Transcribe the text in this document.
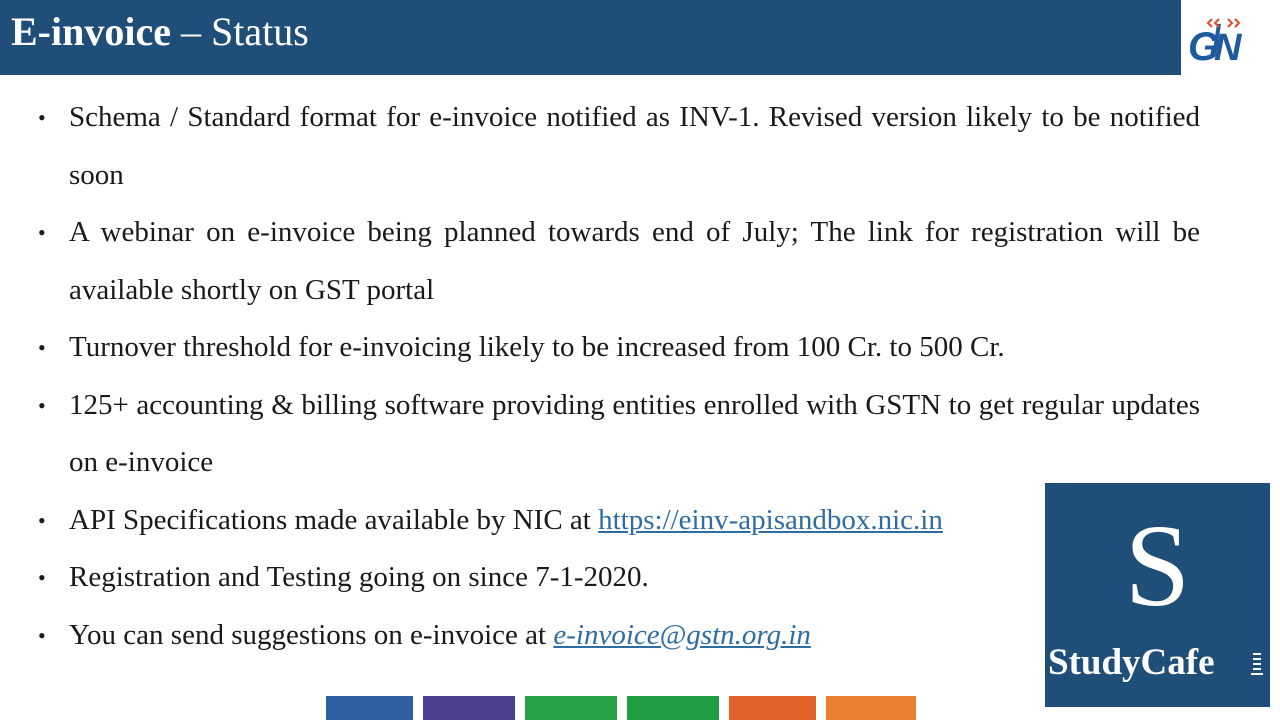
E-invoice – Status	G
N
• Schema / Standard format for e-invoice notified as INV-1. Revised version likely to be notified soon
• A webinar on e-invoice being planned towards end of July; The link for registration will be available shortly on GST portal
• Turnover threshold for e-invoicing likely to be increased from 100 Cr. to 500 Cr.
• 125+ accounting & billing software providing entities enrolled with GSTN to get regular updates on e-invoice
• API Specifications made available by NIC at https://einv-apisandbox.nic.in
• Registration and Testing going on since 7-1-2020.
• You can send suggestions on e-invoice at e-invoice@gstn.org.in
S
StudyCafe
